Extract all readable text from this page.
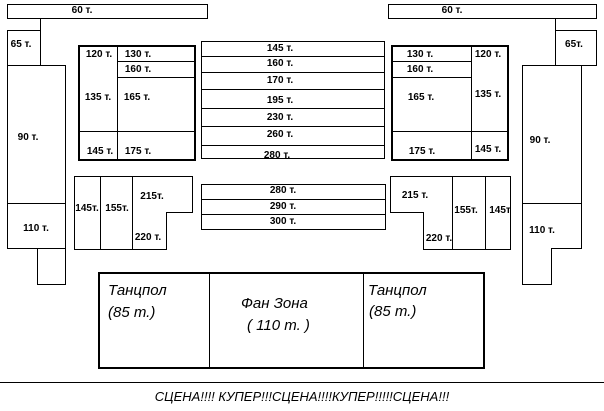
60 т.
65 т.
90 т.
110 т.
60 т.
65т.
90 т.
110 т.
120 т. 130 т.
160 т.
135 т. 165 т.
145 т. 175 т.
145 т.
160 т.
170 т.
195 т.
230 т.
260 т.
280 т.
130 т.	120 т.
160 т.
165 т.	135 т.
175 т.	145 т.
145т. 155т.
215т.
220 т.
280 т.
290 т.
300 т.
215 т.
155т. 145т
220 т.
Танцпол
(85 т.)
Фан Зона
( 110 т. )
Танцпол
(85 т.)
СЦЕНА!!!! КУПЕР!!!СЦЕНА!!!!КУПЕР!!!!!СЦЕНА!!!
